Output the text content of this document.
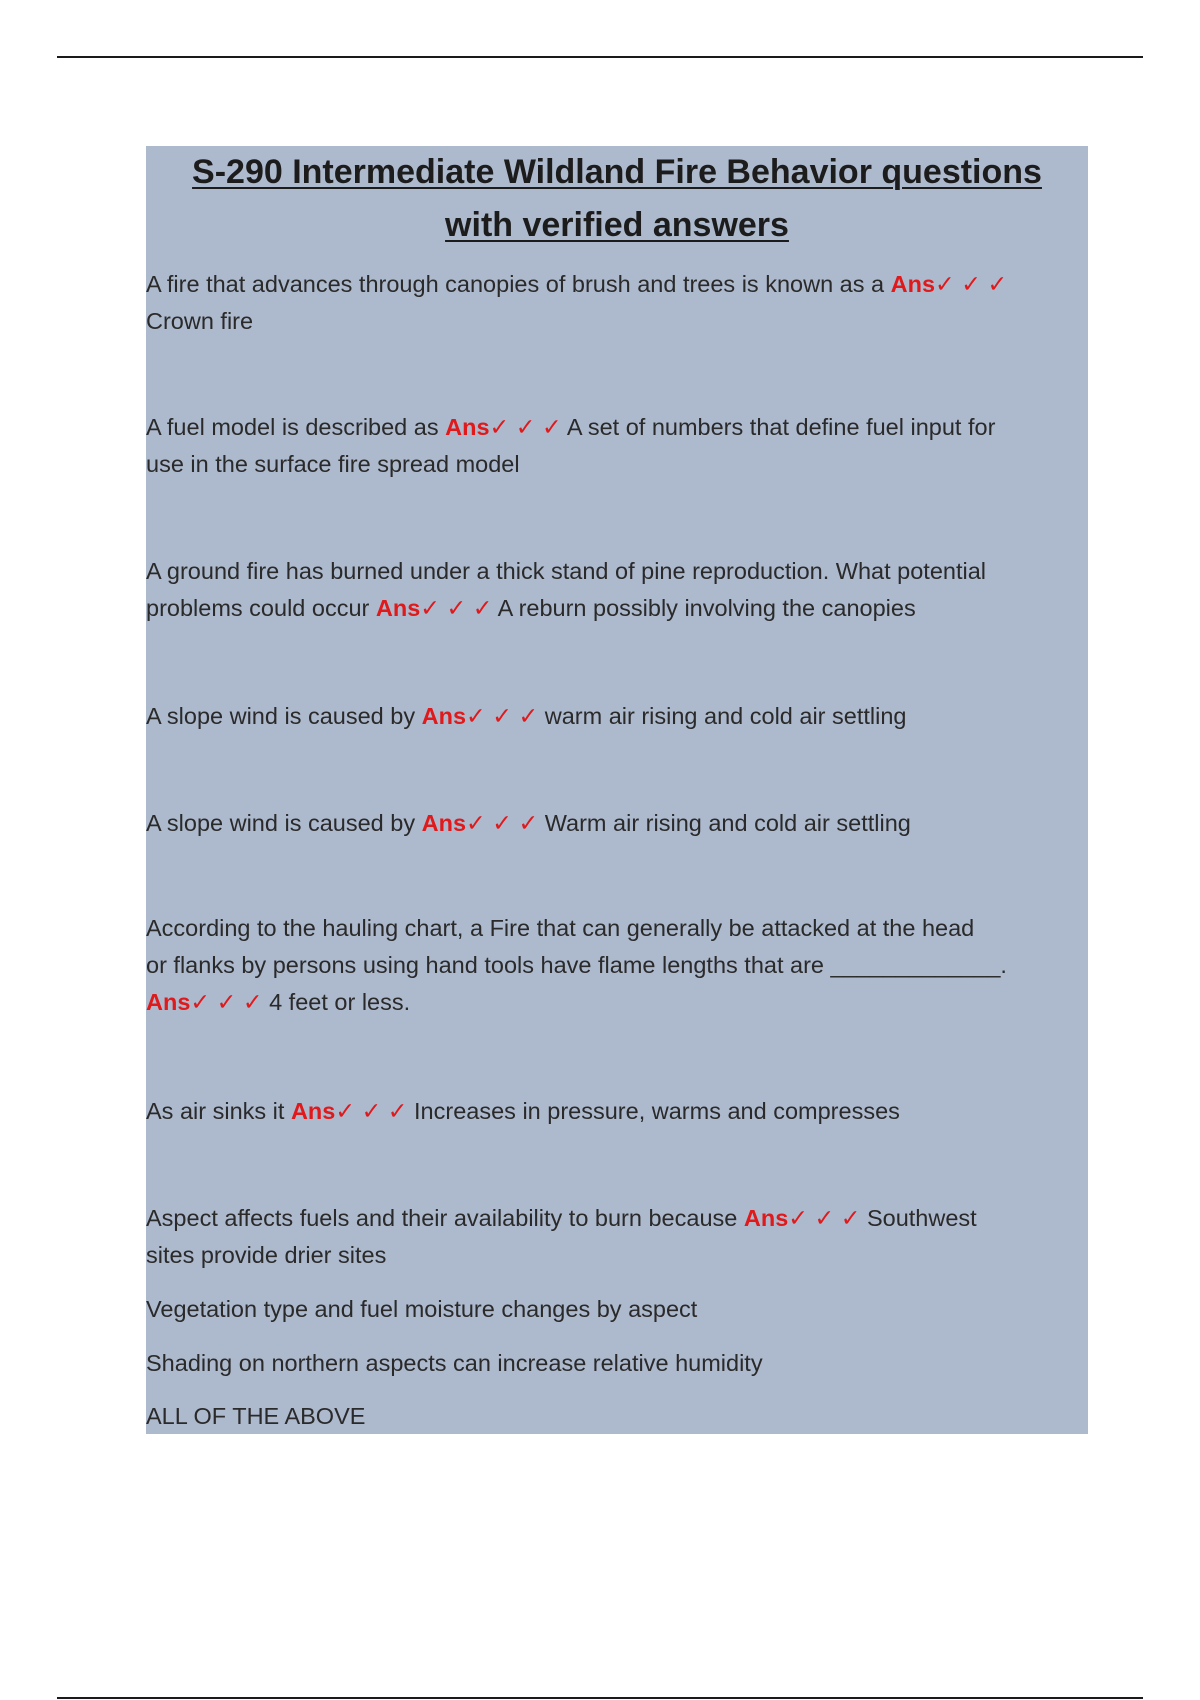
S-290 Intermediate Wildland Fire Behavior questions
with verified answers

A fire that advances through canopies of brush and trees is known as a Ans✓ ✓ ✓
Crown fire

A fuel model is described as Ans✓ ✓ ✓ A set of numbers that define fuel input for
use in the surface fire spread model

A ground fire has burned under a thick stand of pine reproduction. What potential
problems could occur Ans✓ ✓ ✓ A reburn possibly involving the canopies

A slope wind is caused by Ans✓ ✓ ✓ warm air rising and cold air settling

A slope wind is caused by Ans✓ ✓ ✓ Warm air rising and cold air settling

According to the hauling chart, a Fire that can generally be attacked at the head
or flanks by persons using hand tools have flame lengths that are _____________.
Ans✓ ✓ ✓ 4 feet or less.

As air sinks it Ans✓ ✓ ✓ Increases in pressure, warms and compresses

Aspect affects fuels and their availability to burn because Ans✓ ✓ ✓ Southwest
sites provide drier sites

Vegetation type and fuel moisture changes by aspect

Shading on northern aspects can increase relative humidity

ALL OF THE ABOVE
